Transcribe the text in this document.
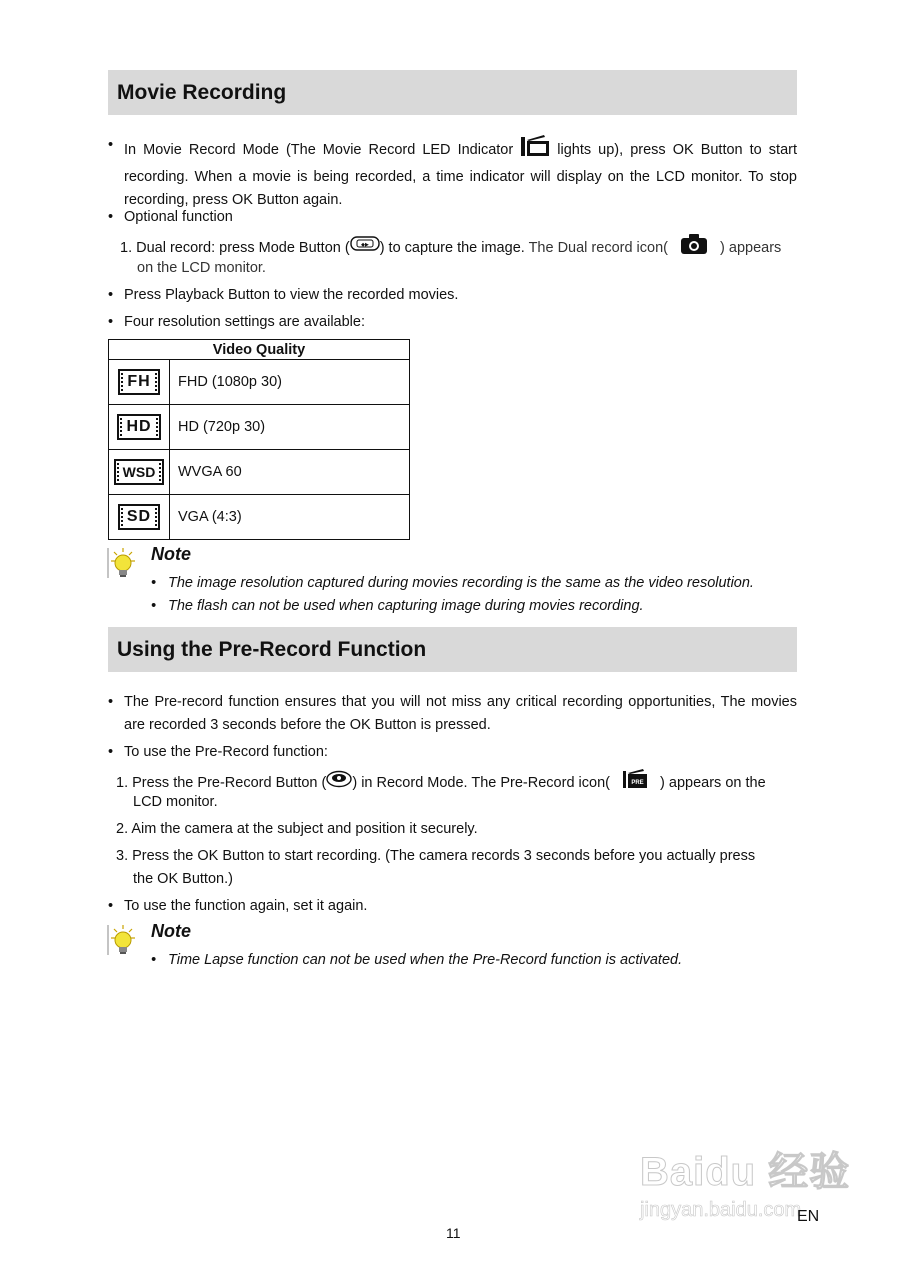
Movie Recording
• In Movie Record Mode (The Movie Record LED Indicator	lights up), press OK Button to start recording. When a movie is being recorded, a time indicator will display on the LCD monitor. To stop recording, press OK Button again.
• Optional function
1. Dual record: press Mode Button ( ◆▶ ) to capture the image. The Dual record icon(	) appears
on the LCD monitor.
• Press Playback Button to view the recorded movies.
• Four resolution settings are available:
Video Quality	

FH	FHD (1080p 30)

HD	HD (720p 30)

WSD	WVGA 60

SD	VGA (4:3)
Note
• The image resolution captured during movies recording is the same as the video resolution.
• The flash can not be used when capturing image during movies recording.
Using the Pre-Record Function
• The Pre-record function ensures that you will not miss any critical recording opportunities, The movies are recorded 3 seconds before the OK Button is pressed.
• To use the Pre-Record function:
1. Press the Pre-Record Button ( ) in Record Mode. The Pre-Record icon(	PRE ) appears on the
LCD monitor.
2. Aim the camera at the subject and position it securely.
3. Press the OK Button to start recording. (The camera records 3 seconds before you actually press
the OK Button.)
• To use the function again, set it again.
Note
• Time Lapse function can not be used when the Pre-Record function is activated.
Baidu 经验
jingyan.baidu.com
EN
11
